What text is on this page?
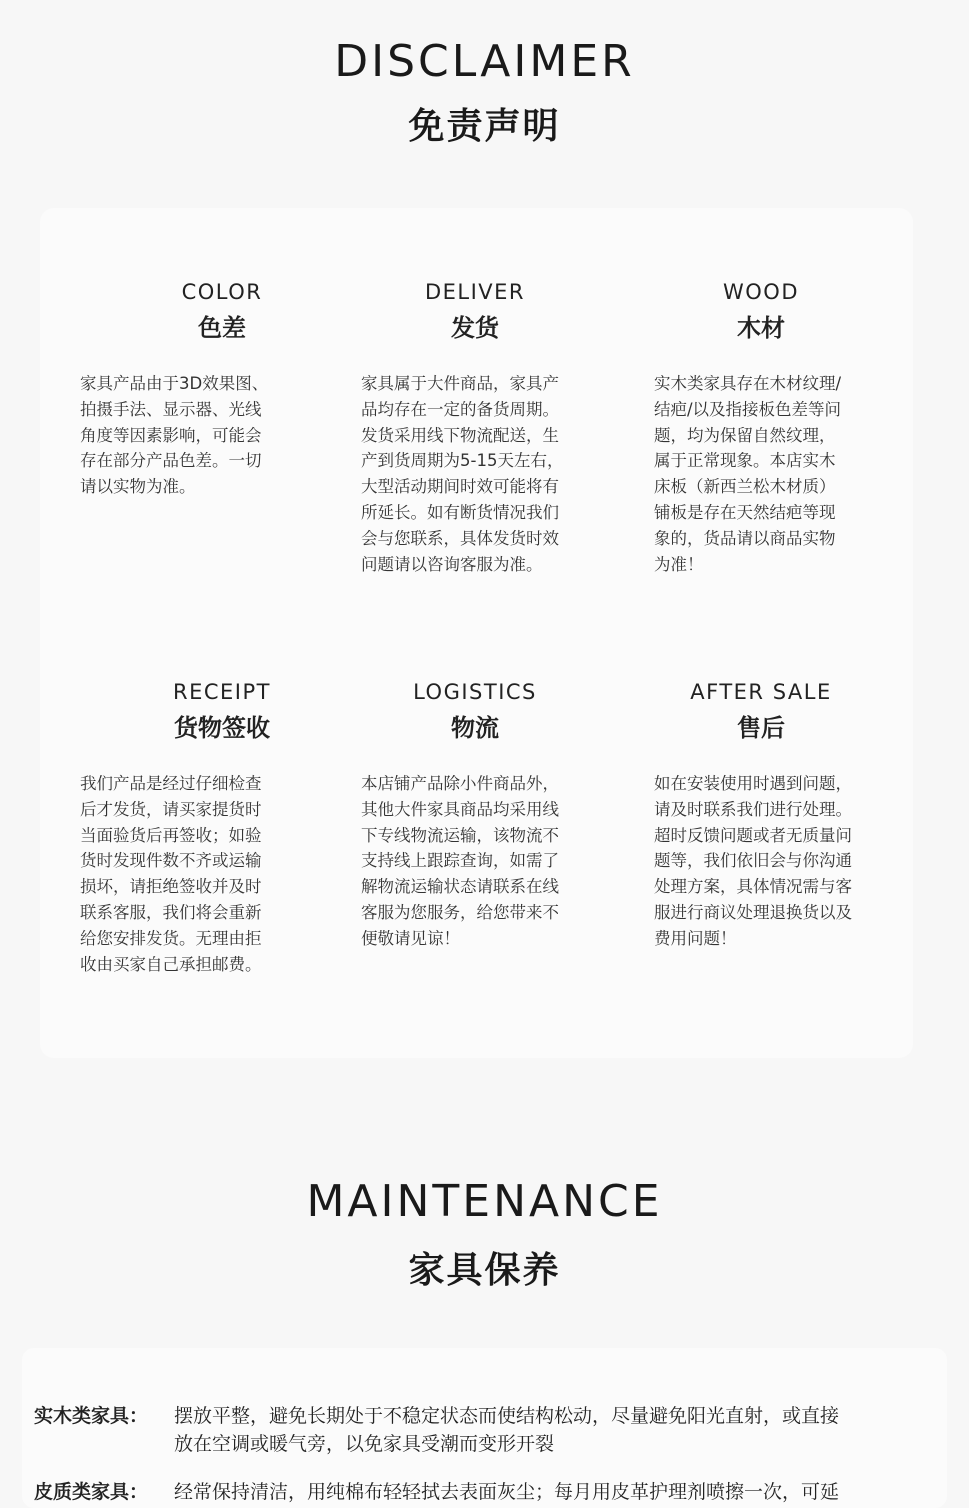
DISCLAIMER
免责声明
COLOR
色差
家具产品由于3D效果图、
拍摄手法、显示器、光线
角度等因素影响，可能会
存在部分产品色差。一切
请以实物为准。
DELIVER
发货
家具属于大件商品，家具产
品均存在一定的备货周期。
发货采用线下物流配送，生
产到货周期为5-15天左右，
大型活动期间时效可能将有
所延长。如有断货情况我们
会与您联系，具体发货时效
问题请以咨询客服为准。
WOOD
木材
实木类家具存在木材纹理/
结疤/以及指接板色差等问
题，均为保留自然纹理，
属于正常现象。本店实木
床板（新西兰松木材质）
铺板是存在天然结疤等现
象的，货品请以商品实物
为准！
RECEIPT
货物签收
我们产品是经过仔细检查
后才发货，请买家提货时
当面验货后再签收；如验
货时发现件数不齐或运输
损坏，请拒绝签收并及时
联系客服，我们将会重新
给您安排发货。无理由拒
收由买家自己承担邮费。
LOGISTICS
物流
本店铺产品除小件商品外，
其他大件家具商品均采用线
下专线物流运输，该物流不
支持线上跟踪查询，如需了
解物流运输状态请联系在线
客服为您服务，给您带来不
便敬请见谅！
AFTER SALE
售后
如在安装使用时遇到问题，
请及时联系我们进行处理。
超时反馈问题或者无质量问
题等，我们依旧会与你沟通
处理方案，具体情况需与客
服进行商议处理退换货以及
费用问题！
MAINTENANCE
家具保养
实木类家具： 摆放平整，避免长期处于不稳定状态而使结构松动，尽量避免阳光直射，或直接
放在空调或暖气旁，以免家具受潮而变形开裂
皮质类家具： 经常保持清洁，用纯棉布轻轻拭去表面灰尘；每月用皮革护理剂喷擦一次，可延
